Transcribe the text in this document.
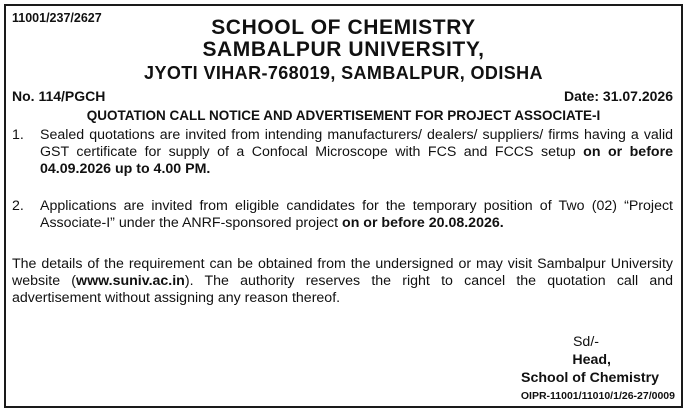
11001/237/2627	SCHOOL OF CHEMISTRY
SAMBALPUR UNIVERSITY,
JYOTI VIHAR-768019, SAMBALPUR, ODISHA
No. 114/PGCH	Date: 31.07.2026
QUOTATION CALL NOTICE AND ADVERTISEMENT FOR PROJECT ASSOCIATE-I
1. Sealed quotations are invited from intending manufacturers/ dealers/ suppliers/ firms having a valid GST certificate for supply of a Confocal Microscope with FCS and FCCS setup on or before 04.09.2026 up to 4.00 PM.
2. Applications are invited from eligible candidates for the temporary position of Two (02) “Project Associate-I” under the ANRF-sponsored project on or before 20.08.2026.
The details of the requirement can be obtained from the undersigned or may visit Sambalpur University website (www.suniv.ac.in). The authority reserves the right to cancel the quotation call and advertisement without assigning any reason thereof.
Sd/-
Head,
School of Chemistry
OIPR-11001/11010/1/26-27/0009
